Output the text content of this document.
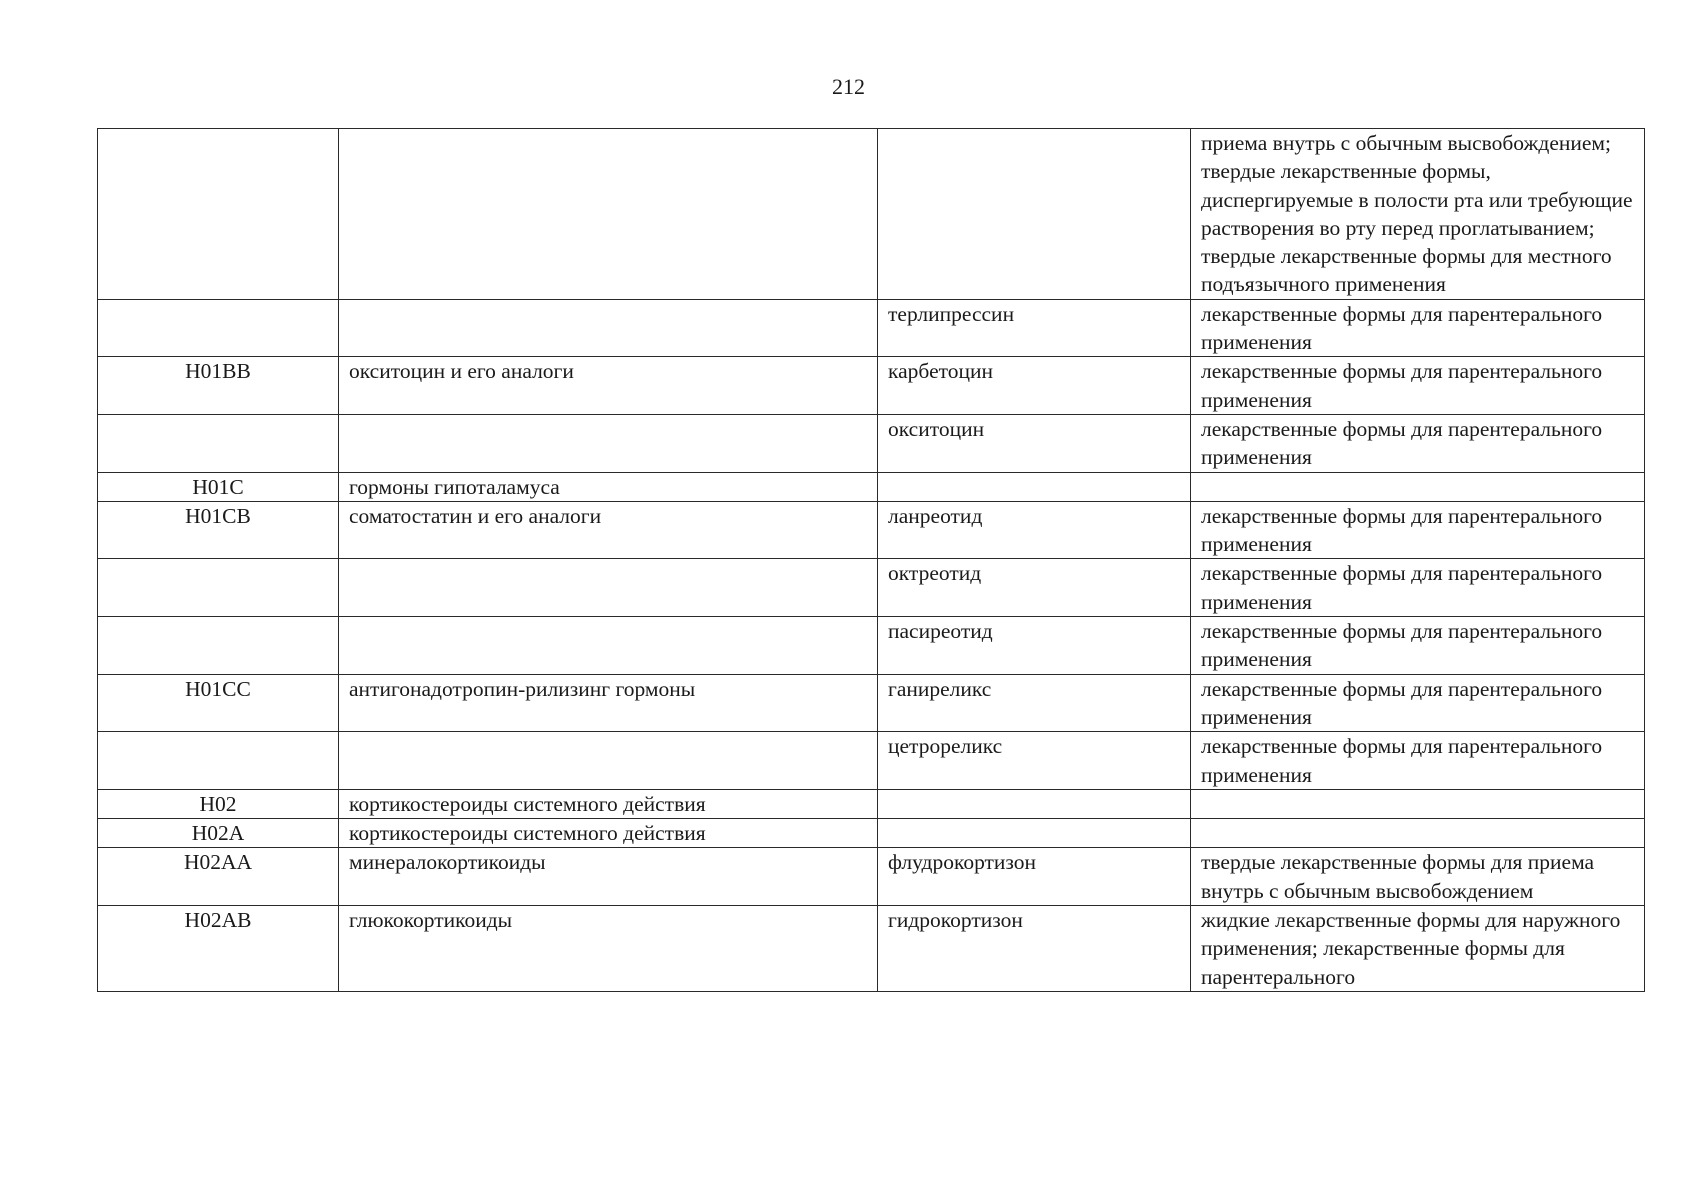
212
			приема внутрь с обычным высвобождением; твердые лекарственные формы, диспергируемые в полости рта или требующие растворения во рту перед проглатыванием; твердые лекарственные формы для местного подъязычного применения
		терлипрессин	лекарственные формы для парентерального применения
H01BB	окситоцин и его аналоги	карбетоцин	лекарственные формы для парентерального применения
		окситоцин	лекарственные формы для парентерального применения
H01C	гормоны гипоталамуса		
H01CB	соматостатин и его аналоги	ланреотид	лекарственные формы для парентерального применения
		октреотид	лекарственные формы для парентерального применения
		пасиреотид	лекарственные формы для парентерального применения
H01CC	антигонадотропин-рилизинг гормоны	ганиреликс	лекарственные формы для парентерального применения
		цетрореликс	лекарственные формы для парентерального применения
H02	кортикостероиды системного действия		
H02A	кортикостероиды системного действия		
H02AA	минералокортикоиды	флудрокортизон	твердые лекарственные формы для приема внутрь с обычным высвобождением
H02AB	глюкокортикоиды	гидрокортизон	жидкие лекарственные формы для наружного применения; лекарственные формы для парентерального
